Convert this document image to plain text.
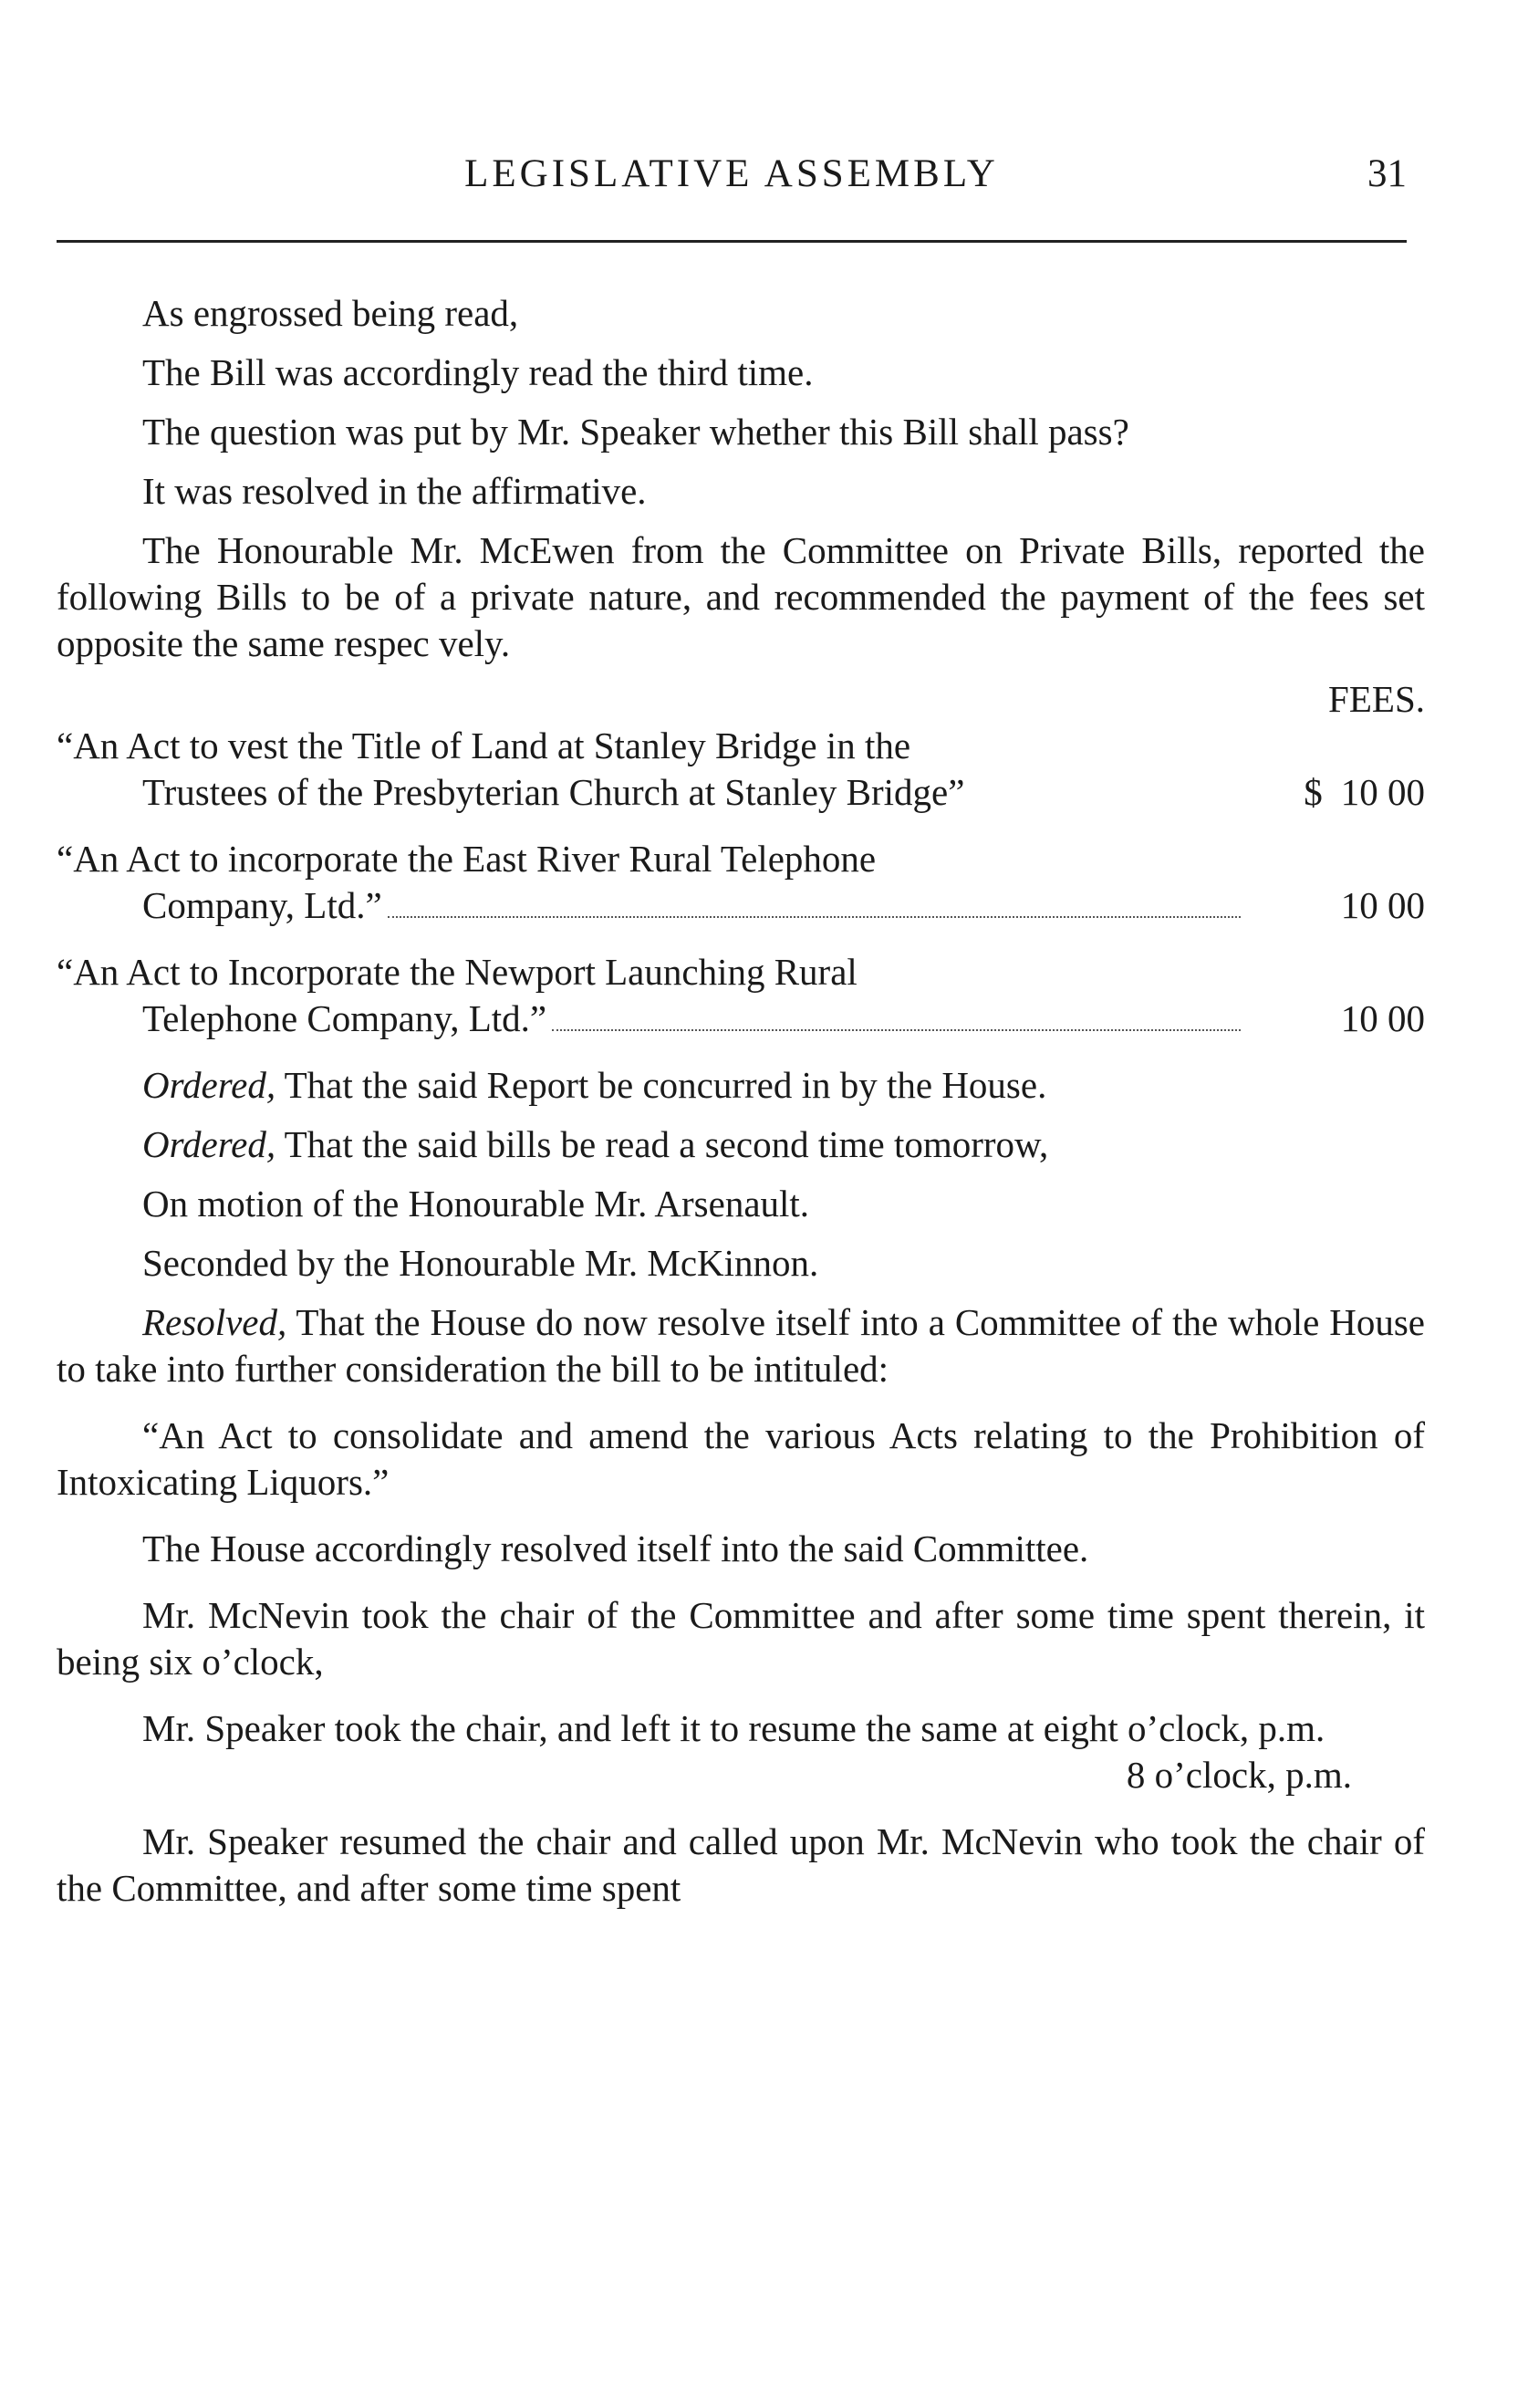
LEGISLATIVE ASSEMBLY	31

As engrossed being read,

The Bill was accordingly read the third time.

The question was put by Mr. Speaker whether this Bill shall pass?

It was resolved in the affirmative.

The Honourable Mr. McEwen from the Committee on Private Bills, reported the following Bills to be of a private nature, and recommended the payment of the fees set opposite the same respec vely.

FEES.
“An Act to vest the Title of Land at Stanley Bridge in the
Trustees of the Presbyterian Church at Stanley Bridge”	$ 10 00
“An Act to incorporate the East River Rural Telephone
Company, Ltd.”	10 00
“An Act to Incorporate the Newport Launching Rural
Telephone Company, Ltd.”	10 00

Ordered, That the said Report be concurred in by the House.

Ordered, That the said bills be read a second time tomorrow,

On motion of the Honourable Mr. Arsenault.

Seconded by the Honourable Mr. McKinnon.

Resolved, That the House do now resolve itself into a Committee of the whole House to take into further consideration the bill to be intituled:

“An Act to consolidate and amend the various Acts relating to the Prohibition of Intoxicating Liquors.”

The House accordingly resolved itself into the said Committee.

Mr. McNevin took the chair of the Committee and after some time spent therein, it being six o’clock,

Mr. Speaker took the chair, and left it to resume the same at eight o’clock, p.m.

8 o’clock, p.m.

Mr. Speaker resumed the chair and called upon Mr. McNevin who took the chair of the Committee, and after some time spent
